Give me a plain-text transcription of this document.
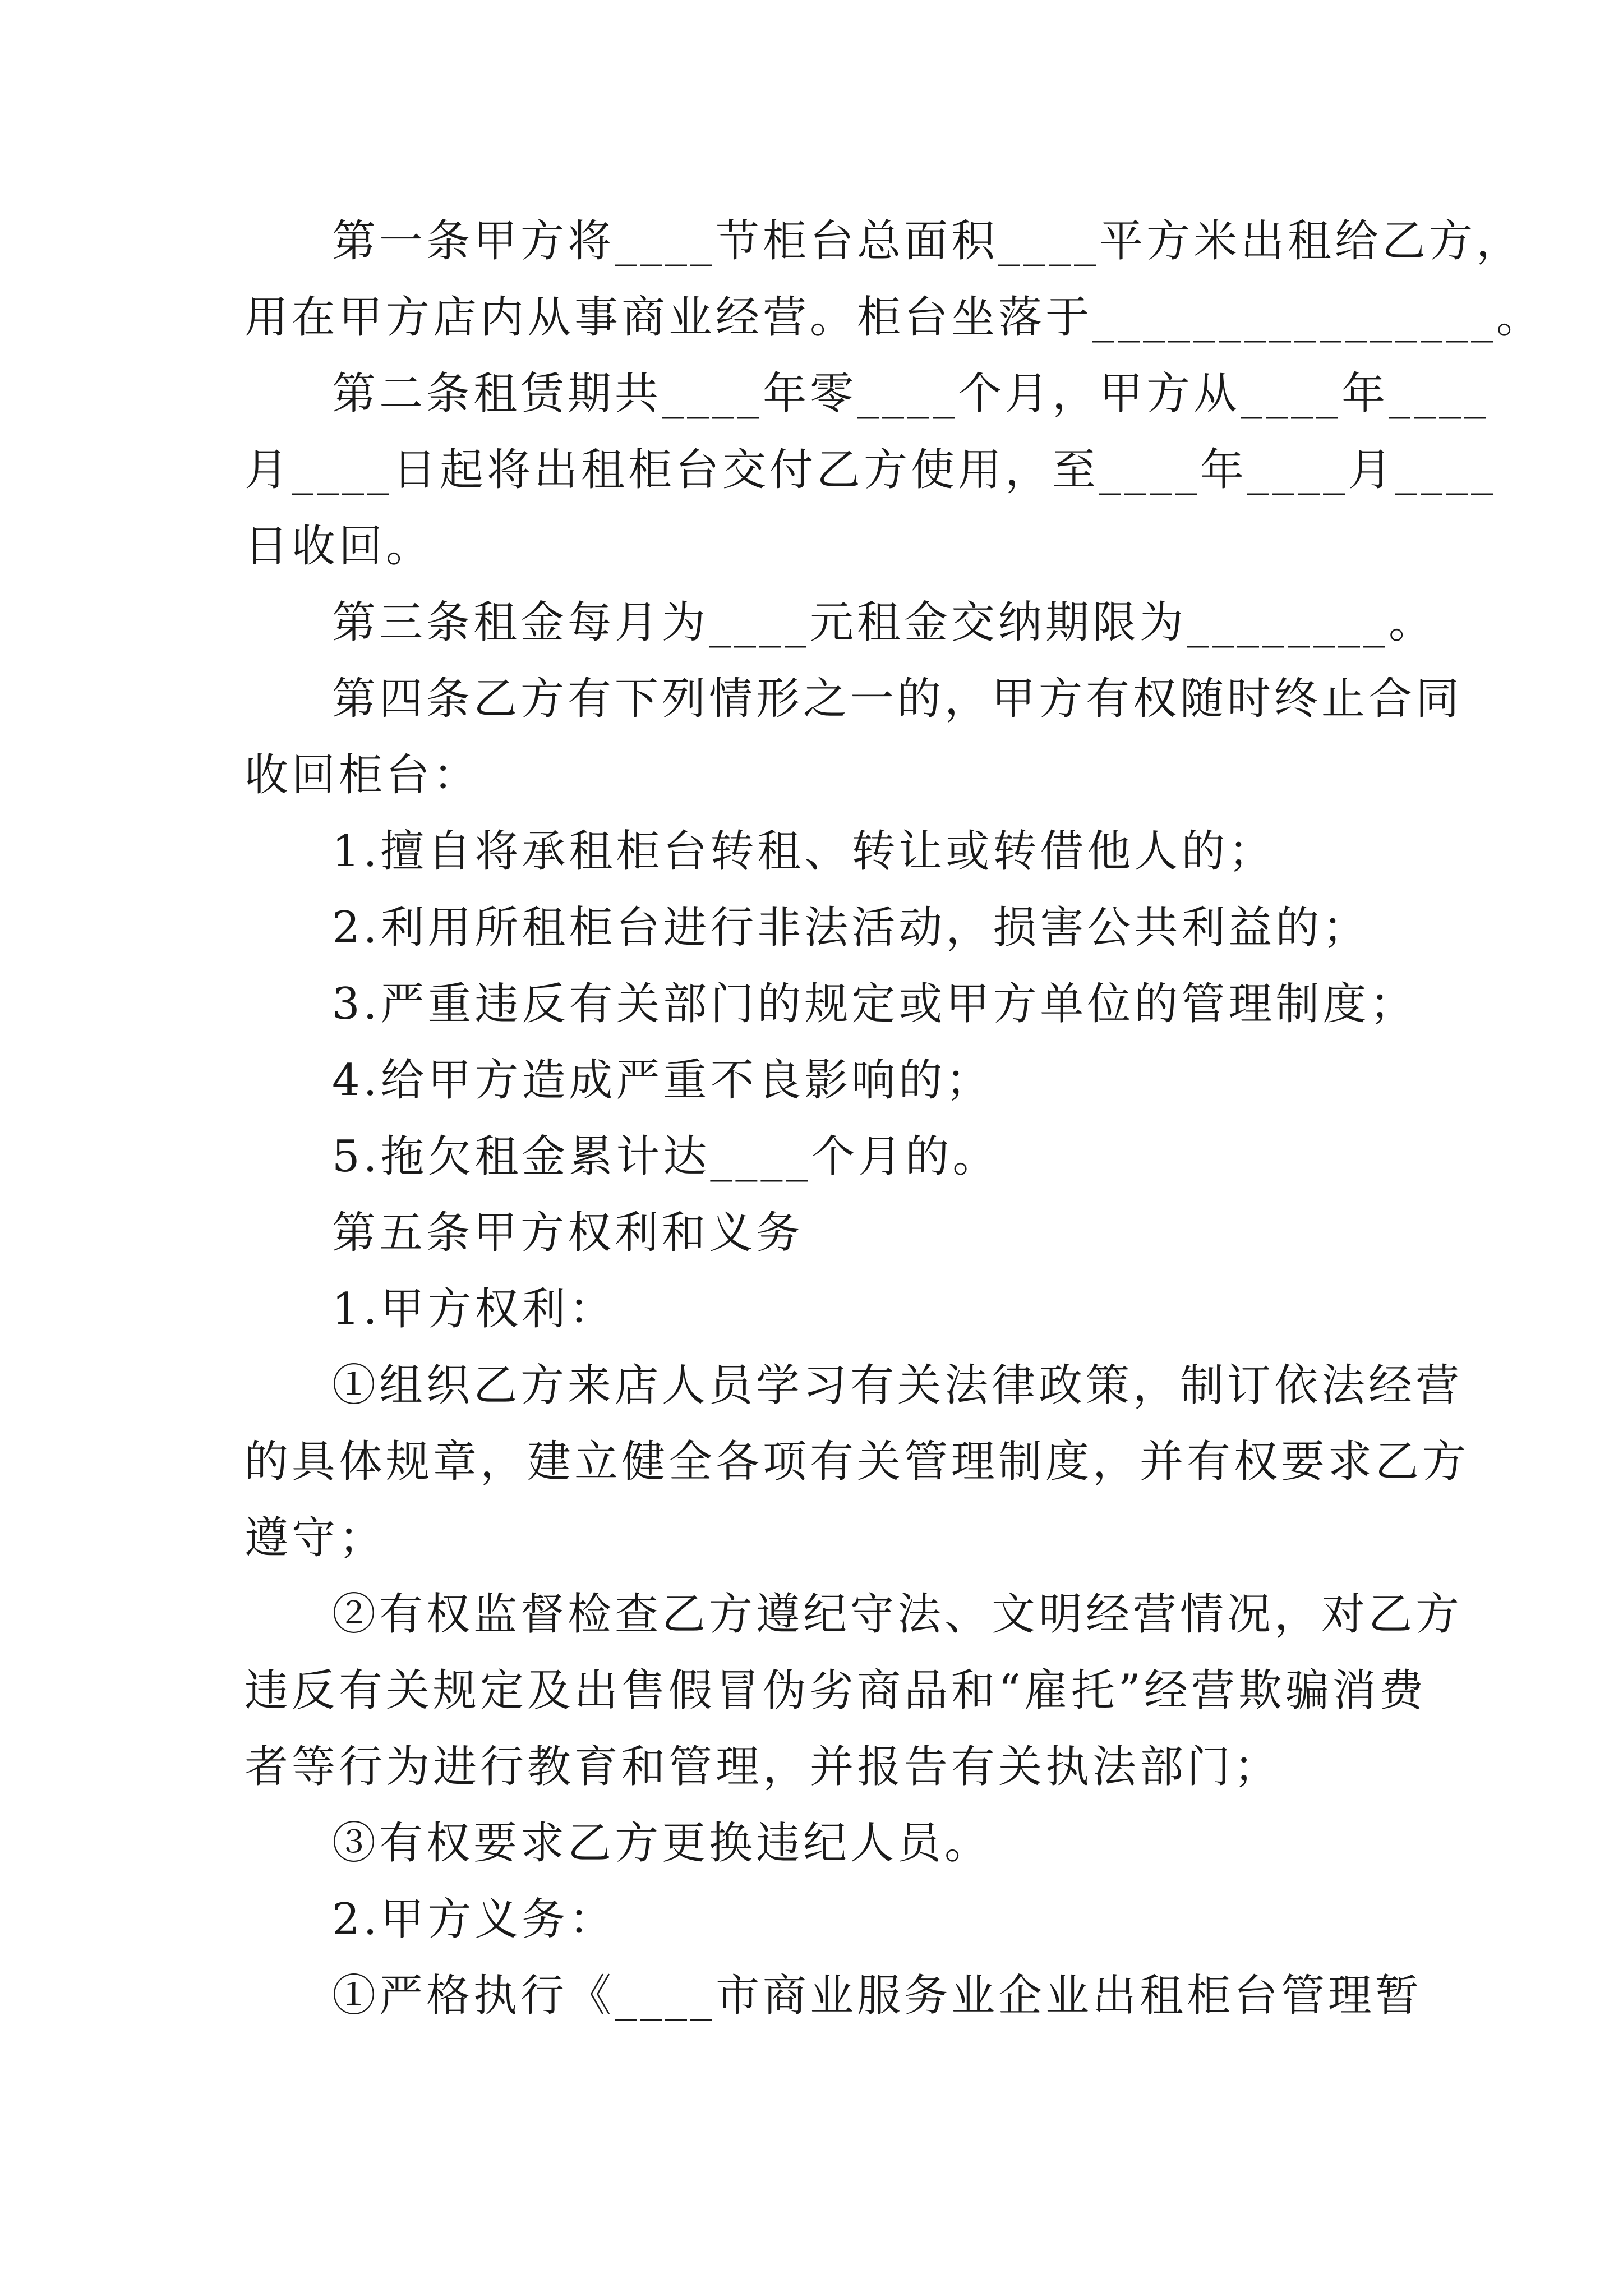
第一条甲方将____节柜台总面积____平方米出租给乙方，
用在甲方店内从事商业经营。柜台坐落于________________。
第二条租赁期共____年零____个月，甲方从____年____
月____日起将出租柜台交付乙方使用，至____年____月____
日收回。
第三条租金每月为____元租金交纳期限为________。
第四条乙方有下列情形之一的，甲方有权随时终止合同
收回柜台：
1.擅自将承租柜台转租、转让或转借他人的；
2.利用所租柜台进行非法活动，损害公共利益的；
3.严重违反有关部门的规定或甲方单位的管理制度；
4.给甲方造成严重不良影响的；
5.拖欠租金累计达____个月的。
第五条甲方权利和义务
1.甲方权利：
①组织乙方来店人员学习有关法律政策，制订依法经营
的具体规章，建立健全各项有关管理制度，并有权要求乙方
遵守；
②有权监督检查乙方遵纪守法、文明经营情况，对乙方
违反有关规定及出售假冒伪劣商品和“雇托”经营欺骗消费
者等行为进行教育和管理，并报告有关执法部门；
③有权要求乙方更换违纪人员。
2.甲方义务：
①严格执行《____市商业服务业企业出租柜台管理暂
